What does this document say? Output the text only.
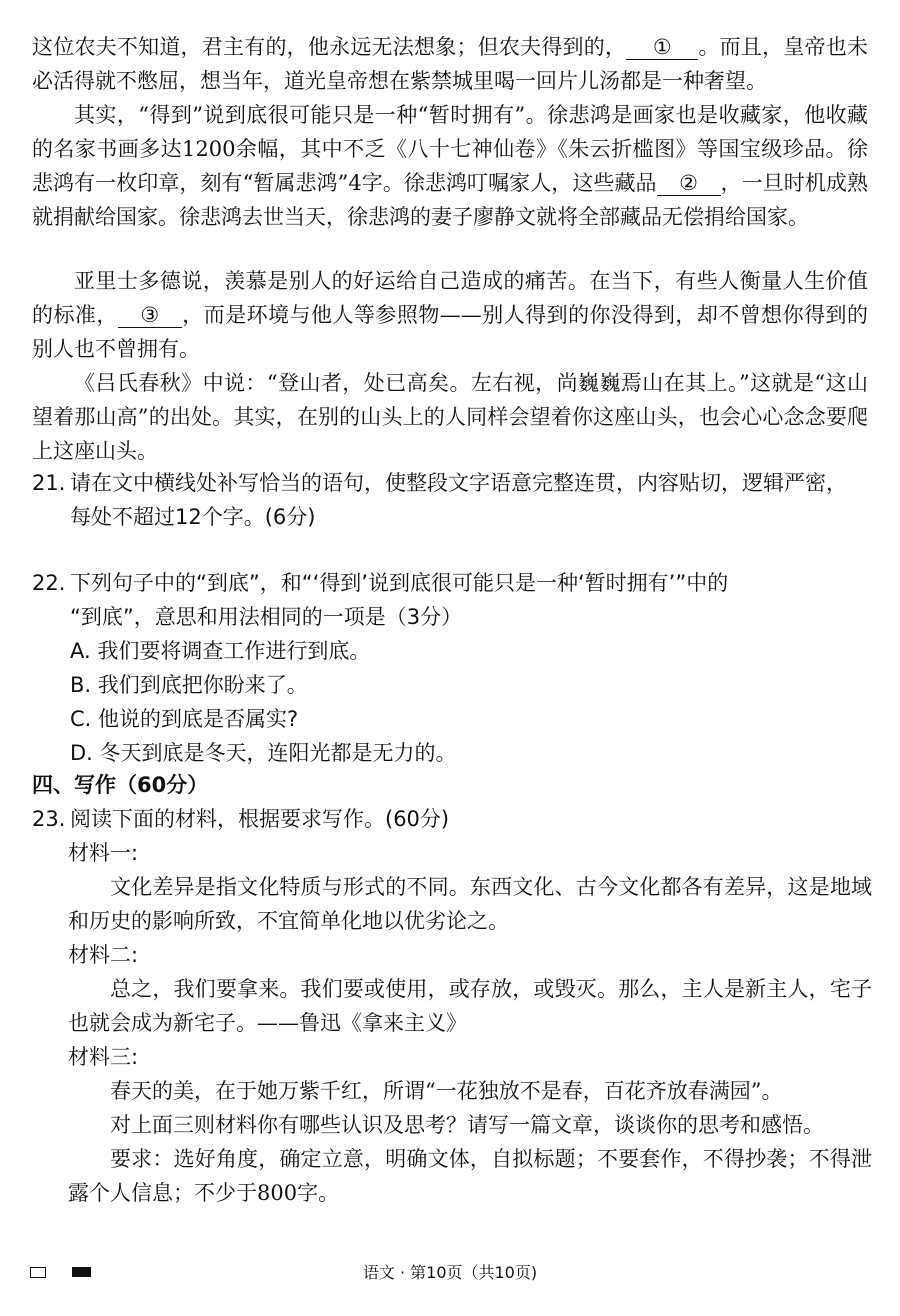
这位农夫不知道，君主有的，他永远无法想象；但农夫得到的， ① 。而且，皇帝也未必活得就不憋屈，想当年，道光皇帝想在紫禁城里喝一回片儿汤都是一种奢望。
其实，“得到”说到底很可能只是一种“暂时拥有”。徐悲鸿是画家也是收藏家，他收藏的名家书画多达1200余幅，其中不乏《八十七神仙卷》《朱云折槛图》等国宝级珍品。徐悲鸿有一枚印章，刻有“暂属悲鸿”4字。徐悲鸿叮嘱家人，这些藏品 ② ，一旦时机成熟就捐献给国家。徐悲鸿去世当天，徐悲鸿的妻子廖静文就将全部藏品无偿捐给国家。
亚里士多德说，羡慕是别人的好运给自己造成的痛苦。在当下，有些人衡量人生价值的标准， ③ ，而是环境与他人等参照物——别人得到的你没得到，却不曾想你得到的别人也不曾拥有。
《吕氏春秋》中说：“登山者，处已高矣。左右视，尚巍巍焉山在其上。”这就是“这山望着那山高”的出处。其实，在别的山头上的人同样会望着你这座山头，也会心心念念要爬上这座山头。
21. 请在文中横线处补写恰当的语句，使整段文字语意完整连贯，内容贴切，逻辑严密，
每处不超过12个字。(6分)
22. 下列句子中的“到底”，和“‘得到’说到底很可能只是一种‘暂时拥有’”中的
“到底”，意思和用法相同的一项是（3分）
A. 我们要将调查工作进行到底。
B. 我们到底把你盼来了。
C. 他说的到底是否属实?
D. 冬天到底是冬天，连阳光都是无力的。
四、写作（60分）
23. 阅读下面的材料，根据要求写作。(60分)
材料一:
文化差异是指文化特质与形式的不同。东西文化、古今文化都各有差异，这是地域和历史的影响所致，不宜简单化地以优劣论之。
材料二:
总之，我们要拿来。我们要或使用，或存放，或毁灭。那么，主人是新主人，宅子也就会成为新宅子。——鲁迅《拿来主义》
材料三:
春天的美，在于她万紫千红，所谓“一花独放不是春，百花齐放春满园”。
对上面三则材料你有哪些认识及思考？请写一篇文章，谈谈你的思考和感悟。
要求：选好角度，确定立意，明确文体，自拟标题；不要套作，不得抄袭；不得泄露个人信息；不少于800字。
语文 · 第10页（共10页)
